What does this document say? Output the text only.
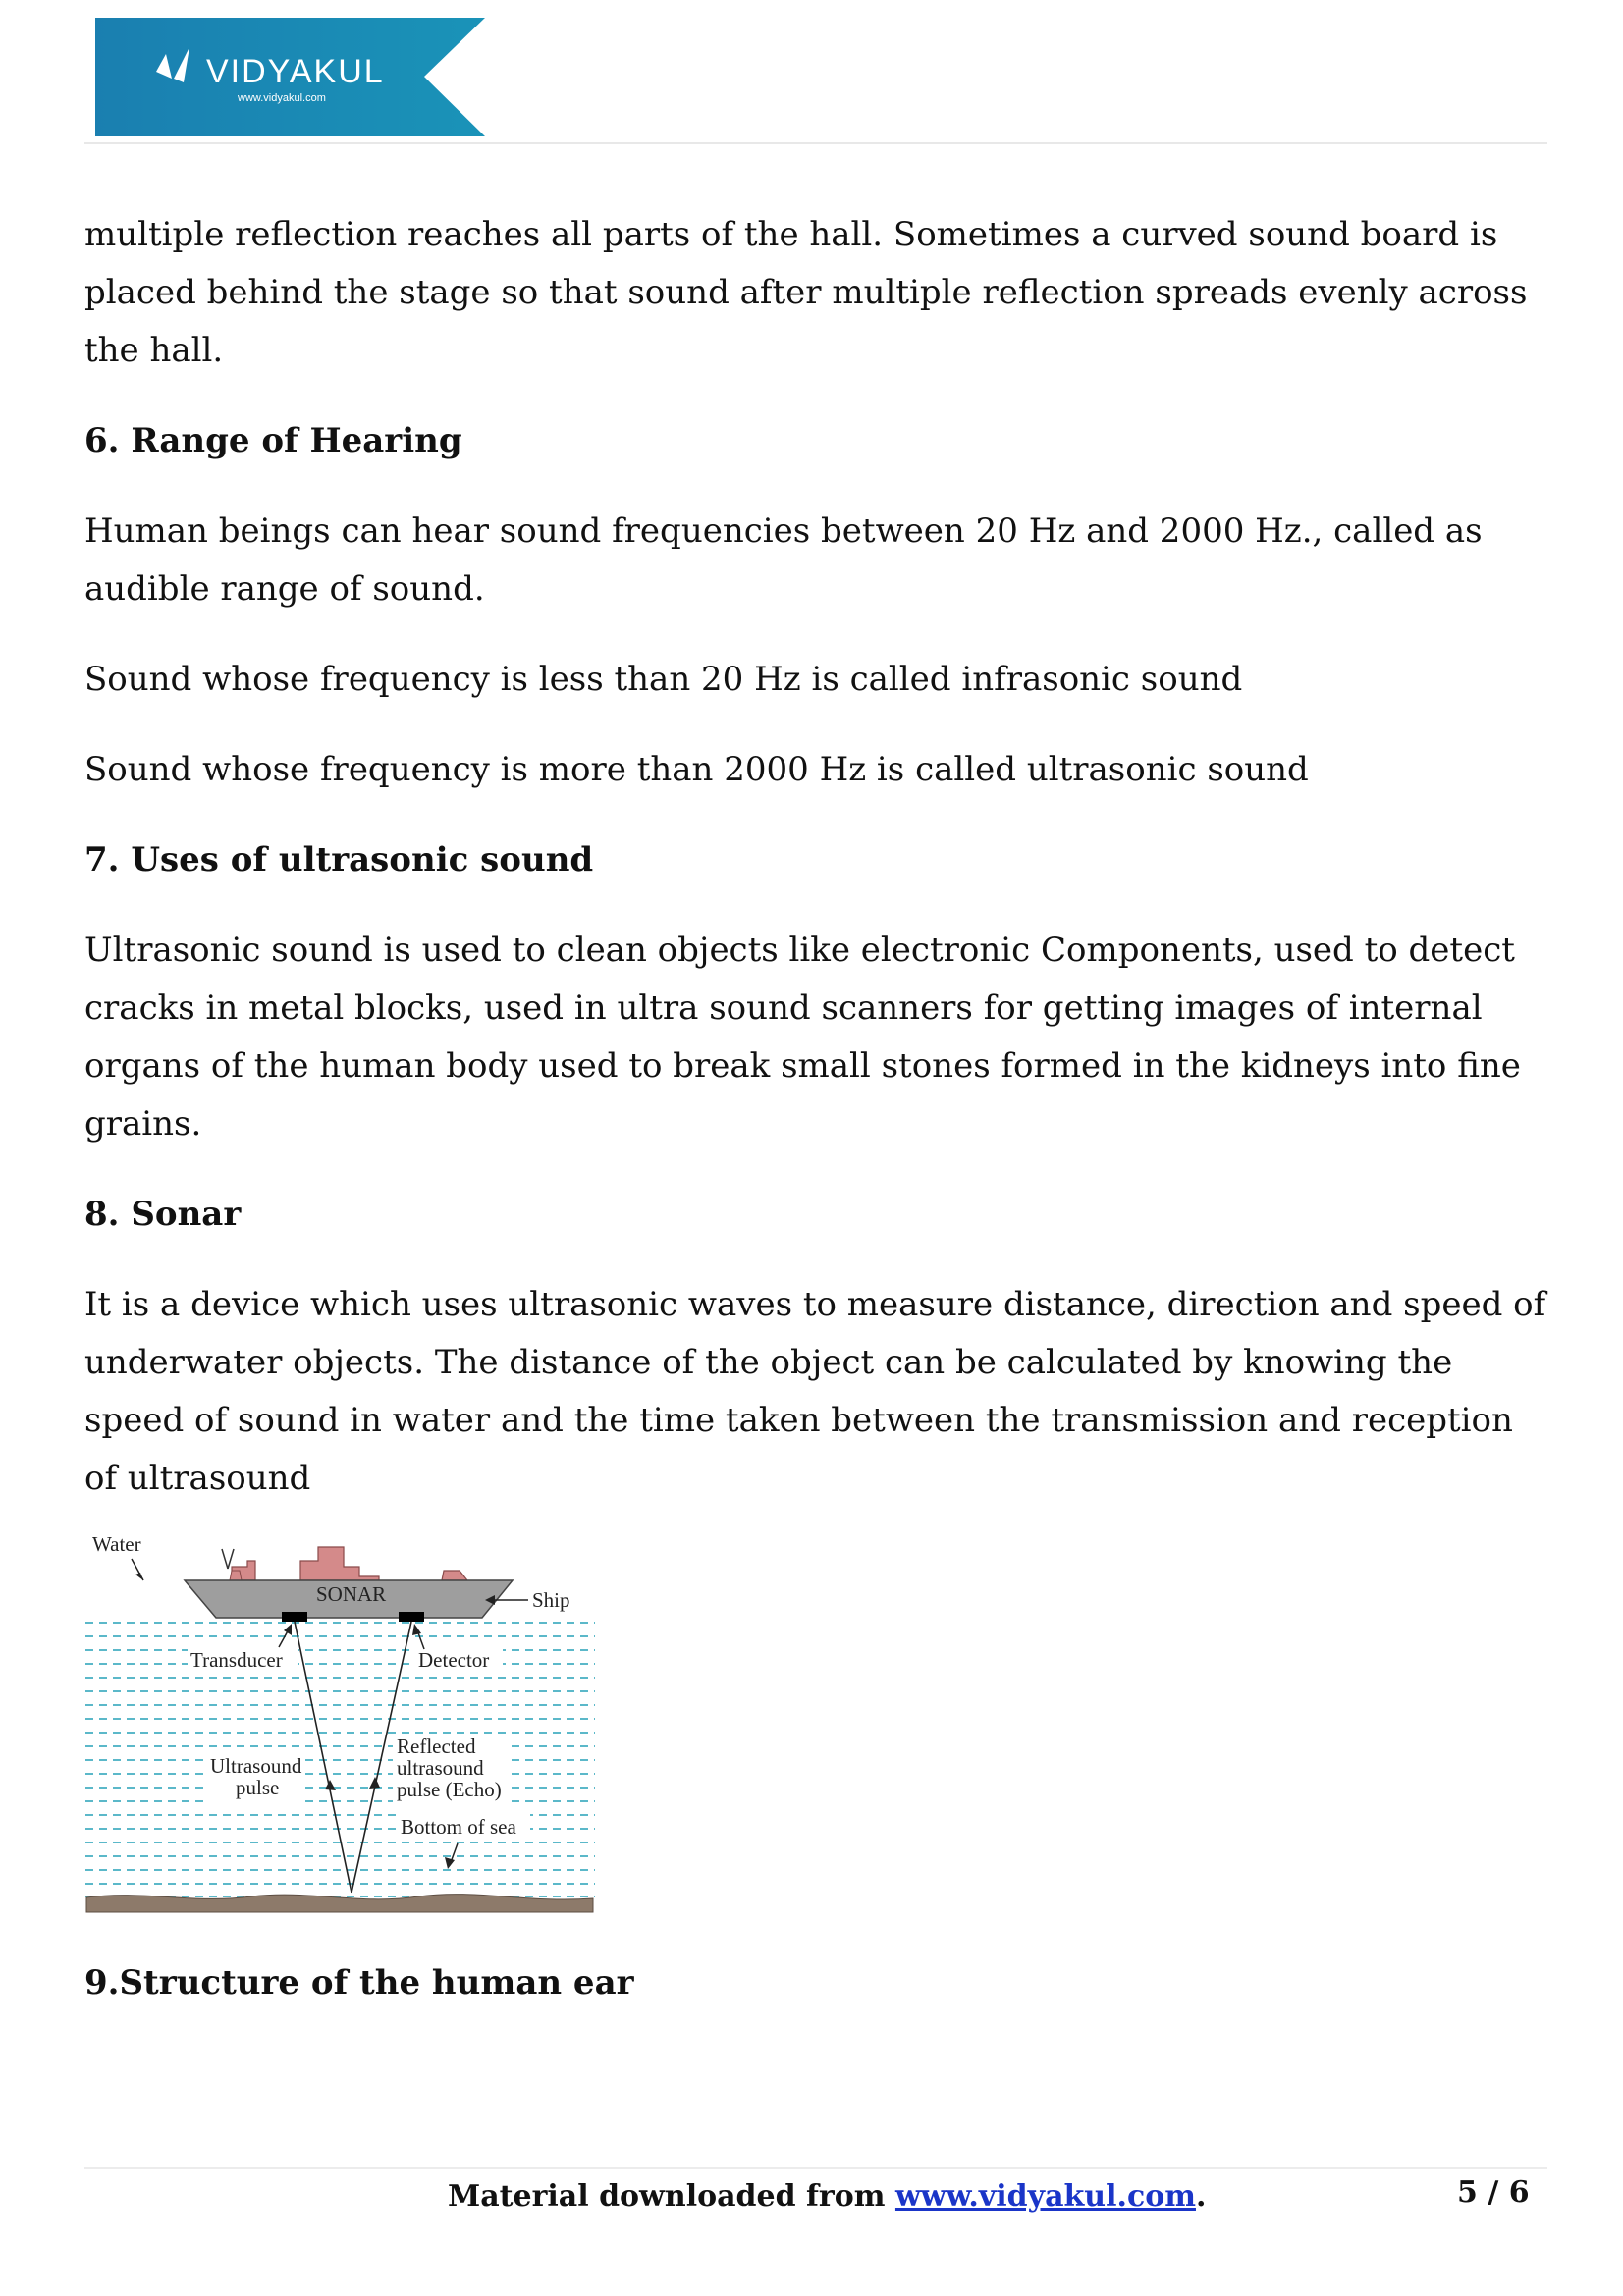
VIDYAKUL
www.vidyakul.com

multiple reflection reaches all parts of the hall. Sometimes a curved sound board is placed behind the stage so that sound after multiple reflection spreads evenly across the hall.

6. Range of Hearing

Human beings can hear sound frequencies between 20 Hz and 2000 Hz., called as audible range of sound.

Sound whose frequency is less than 20 Hz is called infrasonic sound

Sound whose frequency is more than 2000 Hz is called ultrasonic sound

7. Uses of ultrasonic sound

Ultrasonic sound is used to clean objects like electronic Components, used to detect cracks in metal blocks, used in ultra sound scanners for getting images of internal organs of the human body used to break small stones formed in the kidneys into fine grains.

8. Sonar

It is a device which uses ultrasonic waves to measure distance, direction and speed of underwater objects. The distance of the object can be calculated by knowing the speed of sound in water and the time taken between the transmission and reception of ultrasound

Water
SONAR	Ship
Transducer	Detector
Ultrasound
pulse
Reflected
ultrasound
pulse (Echo)
Bottom of sea
9.Structure of the human ear
Material downloaded from www.vidyakul.com.	5 / 6
